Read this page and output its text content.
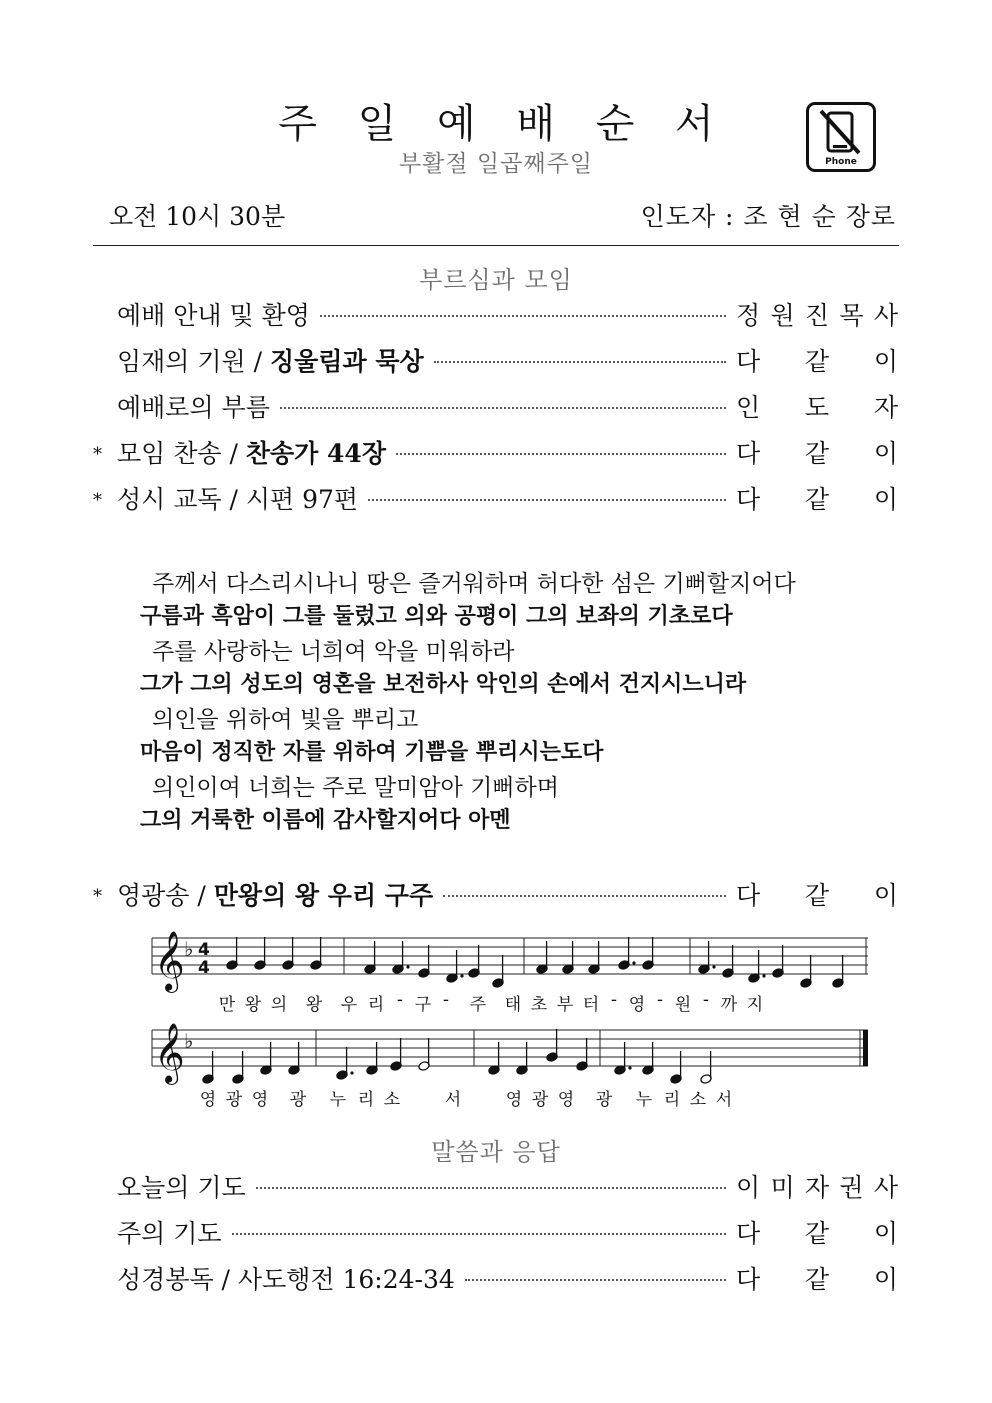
주 일 예 배 순 서
부활절 일곱째주일	Phone
오전 10시 30분	인도자 : 조 현 순 장로
부르심과 모임
예배 안내 및 환영	정 원 진 목 사
임재의 기원 / 징울림과 묵상	다 같 이
예배로의 부름	인 도 자
* 모임 찬송 / 찬송가 44장	다 같 이
* 성시 교독 / 시편 97편	다 같 이
주께서 다스리시나니 땅은 즐거워하며 허다한 섬은 기뻐할지어다
구름과 흑암이 그를 둘렀고 의와 공평이 그의 보좌의 기초로다
주를 사랑하는 너희여 악을 미워하라
그가 그의 성도의 영혼을 보전하사 악인의 손에서 건지시느니라
의인을 위하여 빛을 뿌리고
마음이 정직한 자를 위하여 기쁨을 뿌리시는도다
의인이여 너희는 주로 말미암아 기뻐하며
그의 거룩한 이름에 감사할지어다 아멘
* 영광송 / 만왕의 왕 우리 구주	다 같 이
𝄞 ♭ 4
4
𝄞 ♭
만 왕 의	왕	우 리 - 구 -	주	태 초 부 터 - 영 - 원 - 까 지
영 광 영	광	누 리 소	서	영 광 영	광	누 리 소 서
말씀과 응답
오늘의 기도	이 미 자 권 사
주의 기도	다 같 이
성경봉독 / 사도행전 16:24-34	다 같 이
